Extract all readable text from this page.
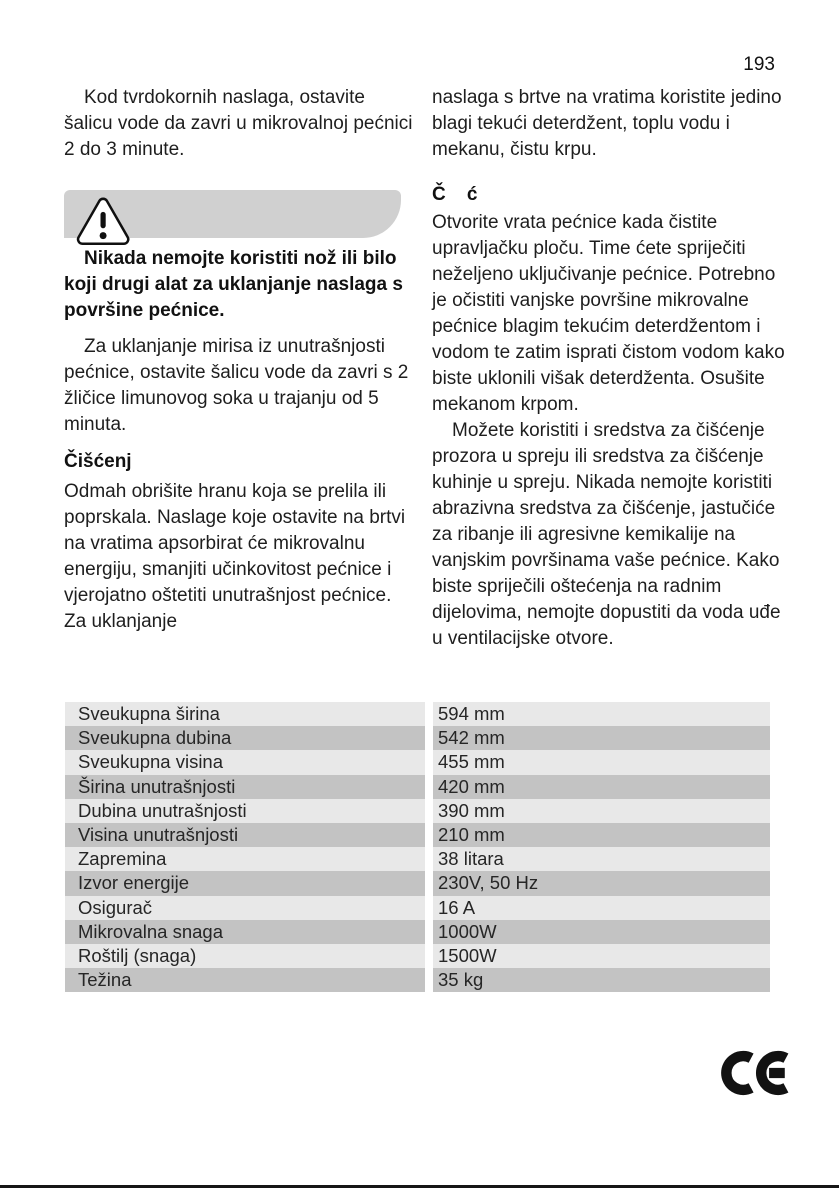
193

Kod tvrdokornih naslaga, ostavite šalicu vode da zavri u mikrovalnoj pećnici 2 do 3 minute.

Nikada nemojte koristiti nož ili bilo koji drugi alat za uklanjanje naslaga s površine pećnice.

Za uklanjanje mirisa iz unutrašnjosti pećnice, ostavite šalicu vode da zavri s 2 žličice limunovog soka u trajanju od 5 minuta.

Čišćenj

Odmah obrišite hranu koja se prelila ili poprskala. Naslage koje ostavite na brtvi na vratima apsorbirat će mikrovalnu energiju, smanjiti učinkovitost pećnice i vjerojatno oštetiti unutrašnjost pećnice. Za uklanjanje

naslaga s brtve na vratima koristite jedino blagi tekući deterdžent, toplu vodu i mekanu, čistu krpu.

Č    ć

Otvorite vrata pećnice kada čistite upravljačku ploču. Time ćete spriječiti neželjeno uključivanje pećnice. Potrebno je očistiti vanjske površine mikrovalne pećnice blagim tekućim deterdžentom i vodom te zatim isprati čistom vodom kako biste uklonili višak deterdženta. Osušite mekanom krpom.

Možete koristiti i sredstva za čišćenje prozora u spreju ili sredstva za čišćenje kuhinje u spreju. Nikada nemojte koristiti abrazivna sredstva za čišćenje, jastučiće za ribanje ili agresivne kemikalije na vanjskim površinama vaše pećnice. Kako biste spriječili oštećenja na radnim dijelovima, nemojte dopustiti da voda uđe u ventilacijske otvore.

Sveukupna širina	594 mm
Sveukupna dubina	542 mm
Sveukupna visina	455 mm
Širina unutrašnjosti	420 mm
Dubina unutrašnjosti	390 mm
Visina unutrašnjosti	210 mm
Zapremina	38 litara
Izvor energije	230V, 50 Hz
Osigurač	16 A
Mikrovalna snaga	1000W
Roštilj (snaga)	1500W
Težina	35 kg
